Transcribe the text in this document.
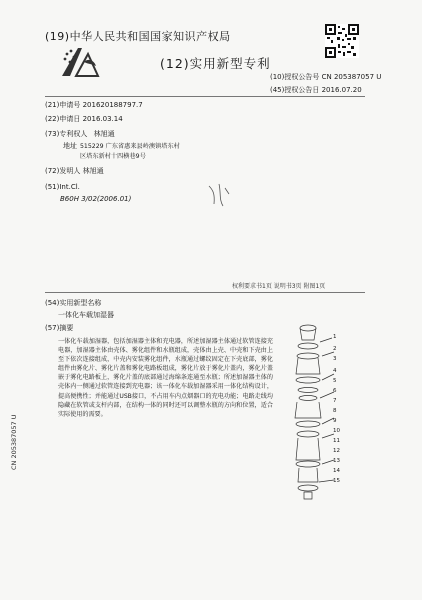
(19)中华人民共和国国家知识产权局
(12)实用新型专利
(10)授权公告号 CN 205387057 U
(45)授权公告日 2016.07.20
(21)申请号 201620188797.7
(22)申请日 2016.03.14
(73)专利权人 林旭通
地址 515229 广东省惠来县岭澳镇塔东村
区塔东新村十四横巷9号
(72)发明人 林旭通
(51)Int.Cl.
B60H 3/02(2006.01)
权利要求书1页 说明书3页 附图1页
(54)实用新型名称
一体化车载加湿器
(57)摘要
一体化车载加湿器，包括加湿器主体和充电器，所述加湿器主体通过软管连接充电器，加湿器主体由壳体、雾化组件和水瓶组成，壳体由上壳、中壳和下壳由上至下依次连接组成，中壳内安装雾化组件，水瓶通过螺纹固定在下壳底部，雾化组件由雾化片、雾化片盖和雾化电路板组成，雾化片放于雾化片盖内，雾化片盖嵌于雾化电路板上，雾化片盖的底部通过海绵条连通至水瓶；所述加湿器主体的壳体内一侧通过软管连接到充电器；该一体化车载加湿器采用一体化结构设计，提高便携性；并能通过USB接口，不占用车内点烟器口的充电功能；电路走线均隐藏在软管或支杆内部，在结构一体的同时还可以调整水瓶的方向和位置，适合实际使用的需要。
1
2
3
4
5
6
7
8
9
10
11
12
13
14
15
CN 205387057 U
